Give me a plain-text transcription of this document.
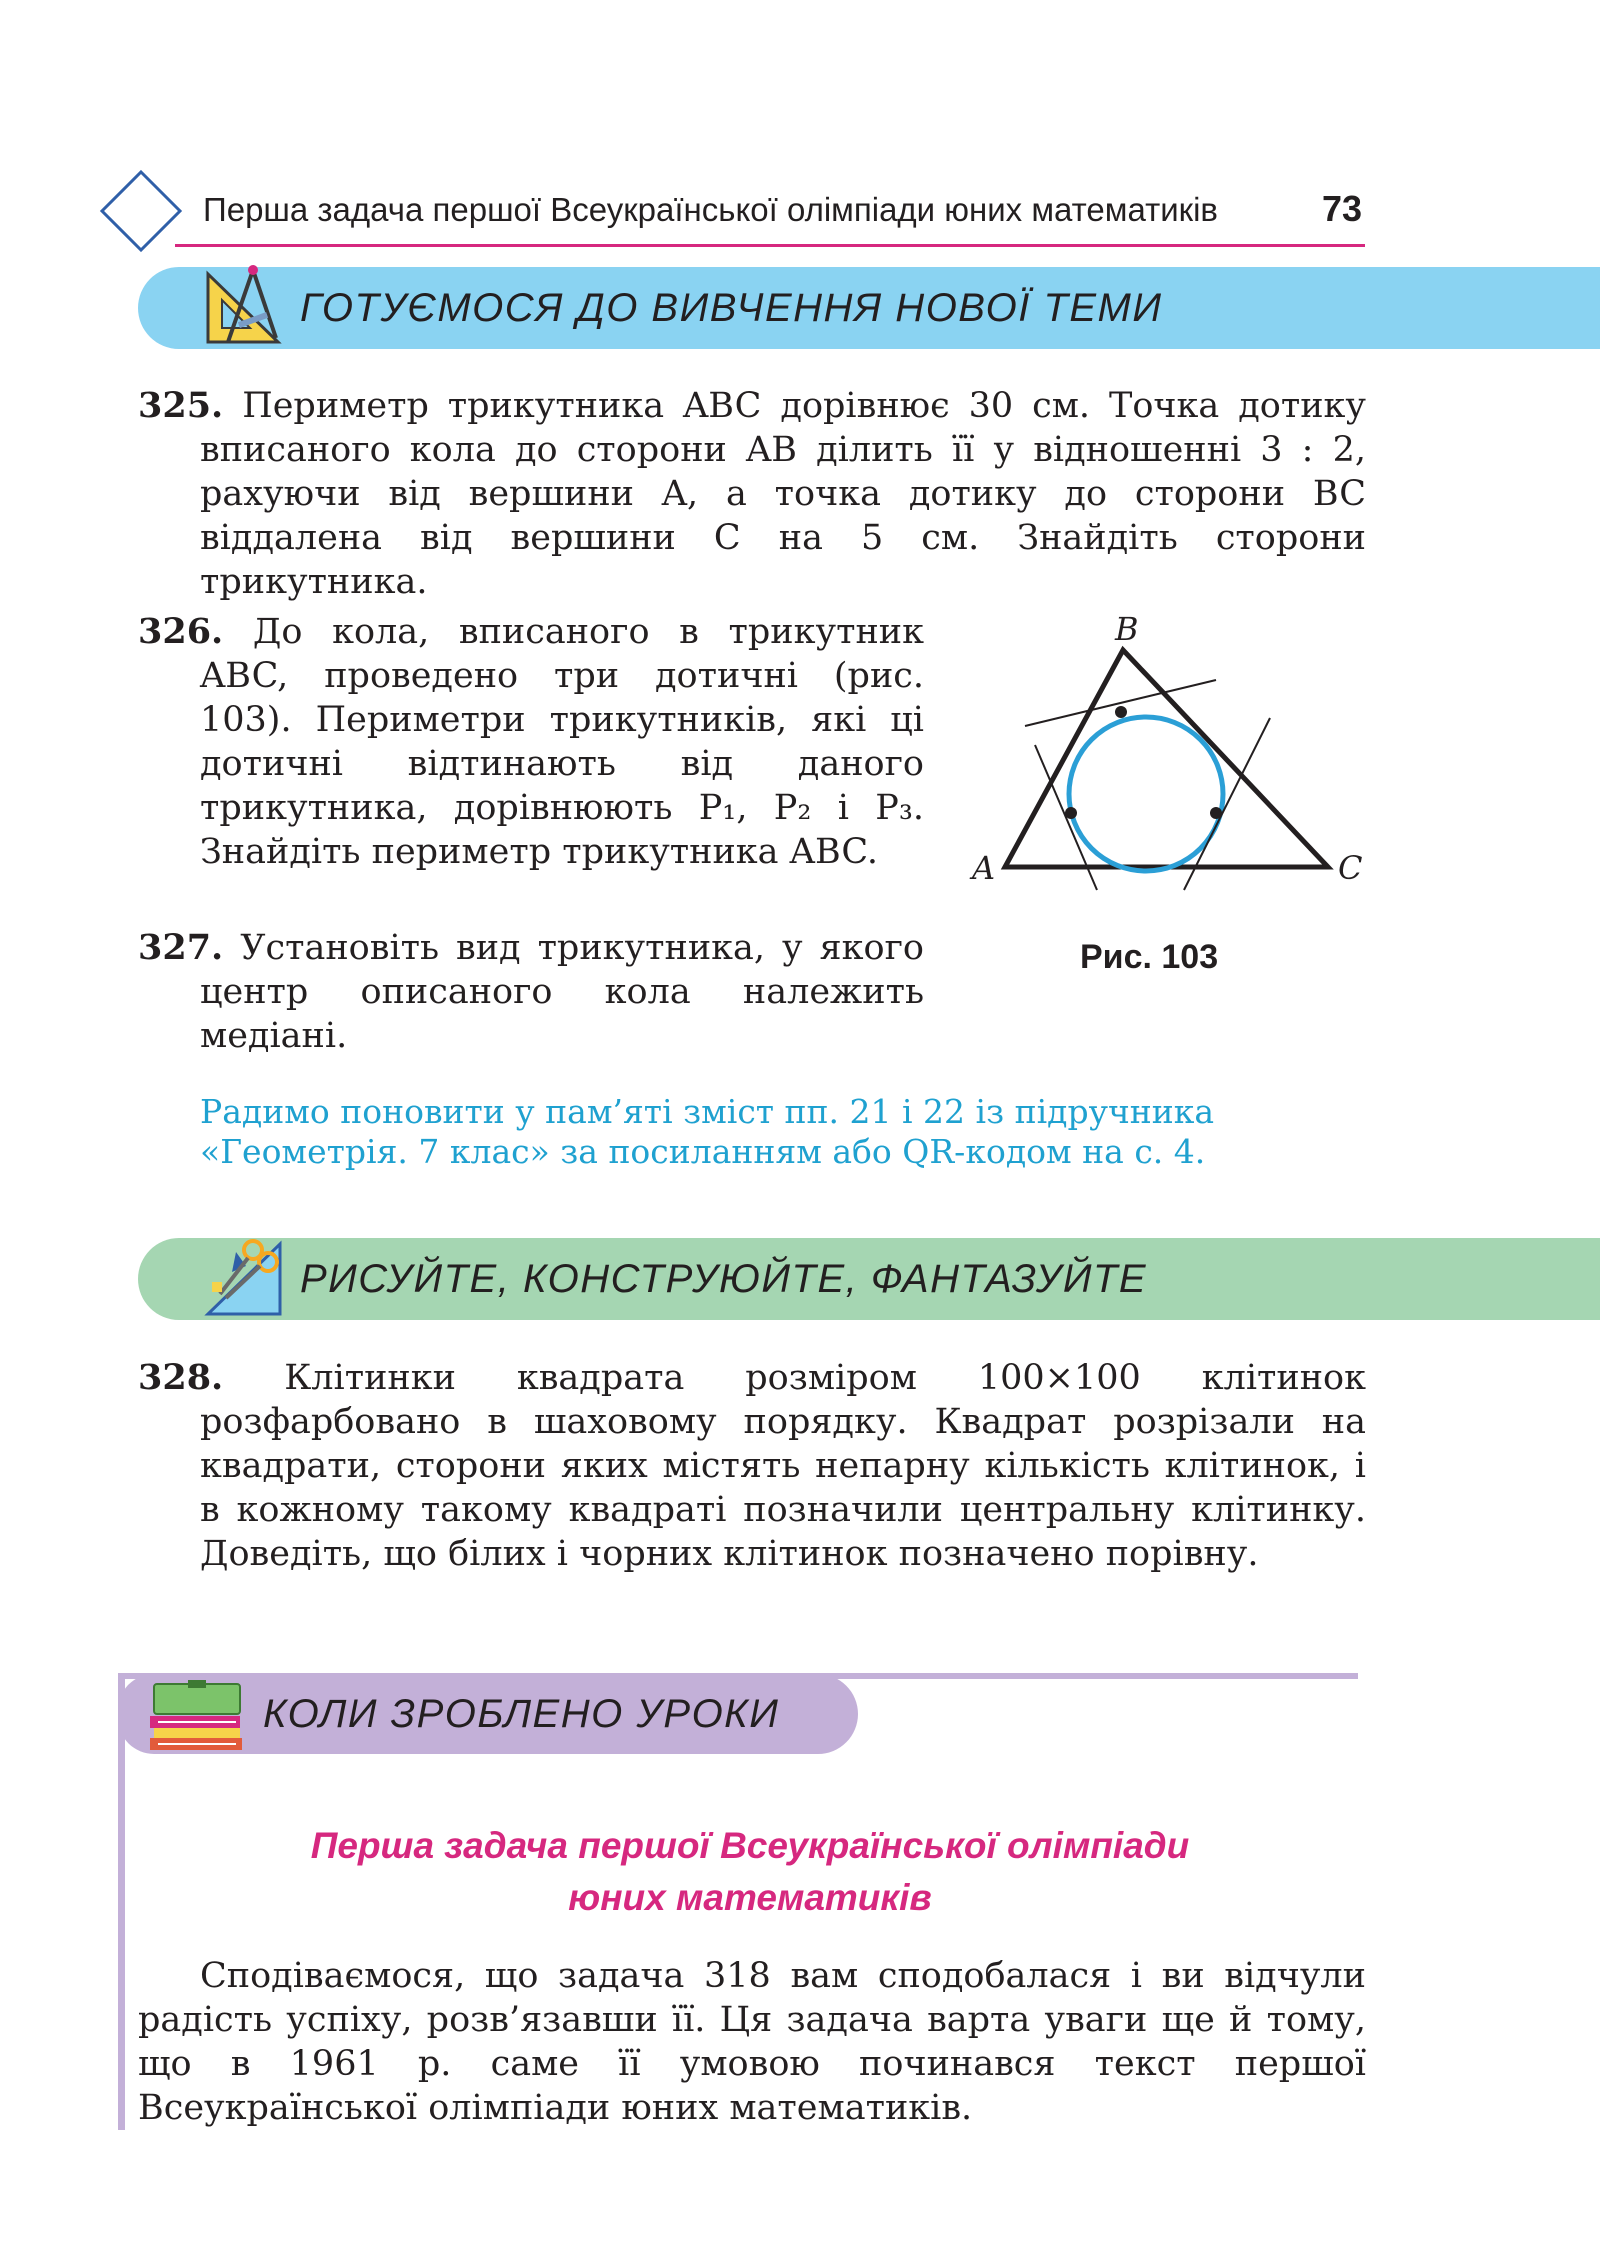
Перша задача першої Всеукраїнської олімпіади юних математиків	73
ГОТУЄМОСЯ ДО ВИВЧЕННЯ НОВОЇ ТЕМИ

325. Периметр трикутника ABC дорівнює 30 см. Точка дотику вписаного кола до сторони AB ділить її у відношенні 3 : 2, рахуючи від вершини A, а точка дотику до сторони BC віддалена від вершини C на 5 см. Знайдіть сторони трикутника.

326. До кола, вписаного в трикутник ABC, проведено три дотичні (рис. 103). Периметри трикутників, які ці дотичні відтинають від даного трикутника, дорівнюють P₁, P₂ і P₃. Знайдіть периметр трикутника ABC.

327. Установіть вид трикутника, у якого центр описаного кола належить медіані.

B
A	C
Рис. 103

Радимо поновити у пам’яті зміст пп. 21 і 22 із підручника «Геометрія. 7 клас» за посиланням або QR-кодом на с. 4.

РИСУЙТЕ, КОНСТРУЮЙТЕ, ФАНТАЗУЙТЕ

328. Клітинки квадрата розміром 100×100 клітинок розфарбовано в шаховому порядку. Квадрат розрізали на квадрати, сторони яких містять непарну кількість клітинок, і в кожному такому квадраті позначили центральну клітинку. Доведіть, що білих і чорних клітинок позначено порівну.

КОЛИ ЗРОБЛЕНО УРОКИ
Перша задача першої Всеукраїнської олімпіади
юних математиків

Сподіваємося, що задача 318 вам сподобалася і ви відчули радість успіху, розв’язавши її. Ця задача варта уваги ще й тому, що в 1961 р. саме її умовою починався текст першої Всеукраїнської олімпіади юних математиків.
